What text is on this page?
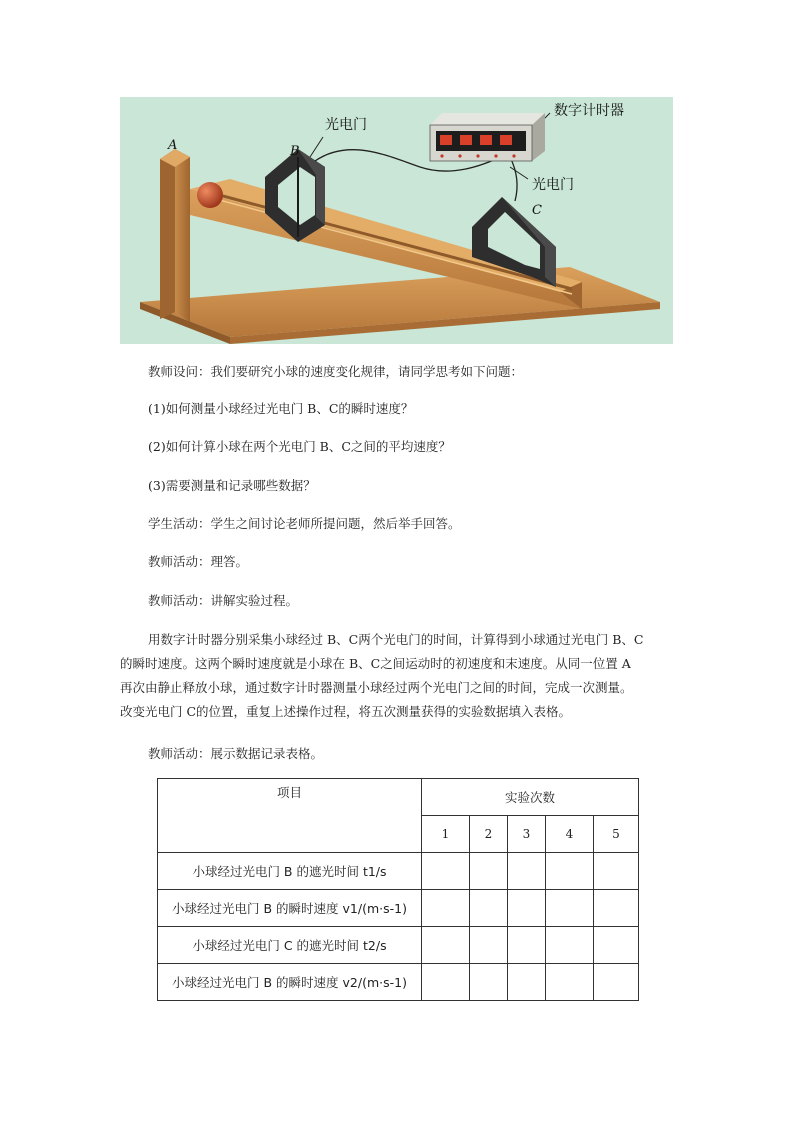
数字计时器
光电门
光电门
A	B
C

教师设问：我们要研究小球的速度变化规律，请同学思考如下问题：

(1)如何测量小球经过光电门 B、C的瞬时速度？

(2)如何计算小球在两个光电门 B、C之间的平均速度？

(3)需要测量和记录哪些数据？

学生活动：学生之间讨论老师所提问题，然后举手回答。

教师活动：理答。

教师活动：讲解实验过程。

用数字计时器分别采集小球经过 B、C两个光电门的时间，计算得到小球通过光电门 B、C
的瞬时速度。这两个瞬时速度就是小球在 B、C之间运动时的初速度和末速度。从同一位置 A
再次由静止释放小球，通过数字计时器测量小球经过两个光电门之间的时间，完成一次测量。
改变光电门 C的位置，重复上述操作过程，将五次测量获得的实验数据填入表格。

教师活动：展示数据记录表格。

项目	实验次数				
	1	2	3	4	5
小球经过光电门 B 的遮光时间 t1/s					
小球经过光电门 B 的瞬时速度 v1/(m·s-1)					
小球经过光电门 C 的遮光时间 t2/s					
小球经过光电门 B 的瞬时速度 v2/(m·s-1)					
